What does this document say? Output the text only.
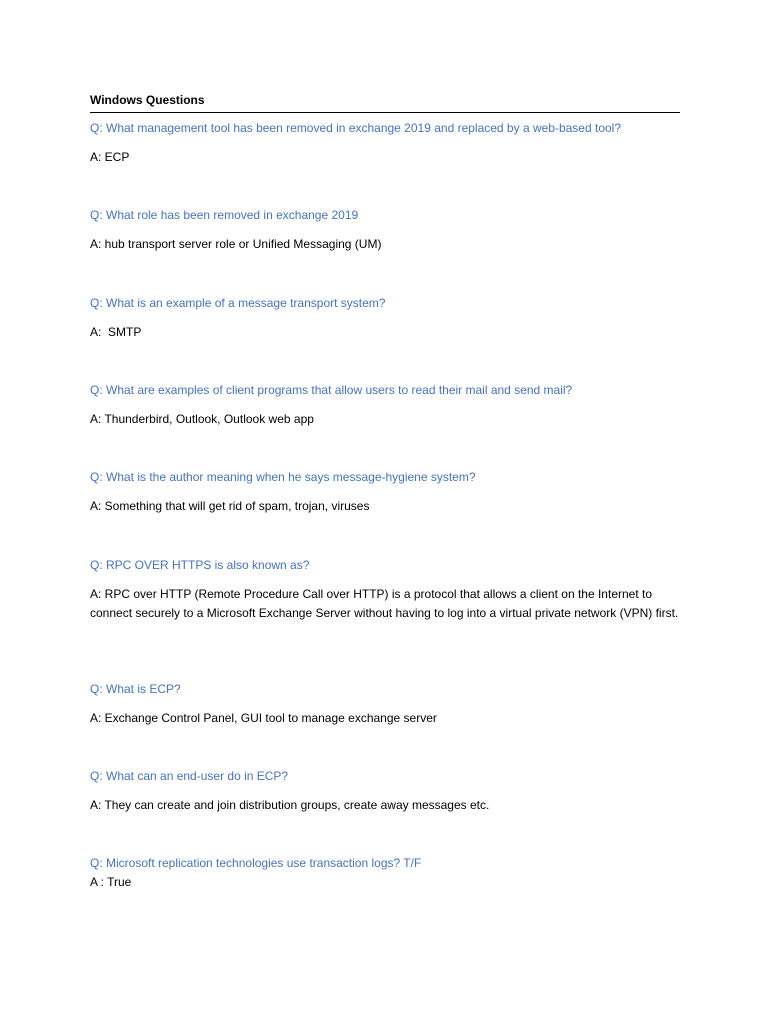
Windows Questions

Q: What management tool has been removed in exchange 2019 and replaced by a web-based tool?

A: ECP

Q: What role has been removed in exchange 2019

A: hub transport server role or Unified Messaging (UM)

Q: What is an example of a message transport system?

A:  SMTP

Q: What are examples of client programs that allow users to read their mail and send mail?

A: Thunderbird, Outlook, Outlook web app

Q: What is the author meaning when he says message-hygiene system?

A: Something that will get rid of spam, trojan, viruses

Q: RPC OVER HTTPS is also known as?

A: RPC over HTTP (Remote Procedure Call over HTTP) is a protocol that allows a client on the Internet to connect securely to a Microsoft Exchange Server without having to log into a virtual private network (VPN) first.

Q: What is ECP?

A: Exchange Control Panel, GUI tool to manage exchange server

Q: What can an end-user do in ECP?

A: They can create and join distribution groups, create away messages etc.

Q: Microsoft replication technologies use transaction logs? T/F

A : True
